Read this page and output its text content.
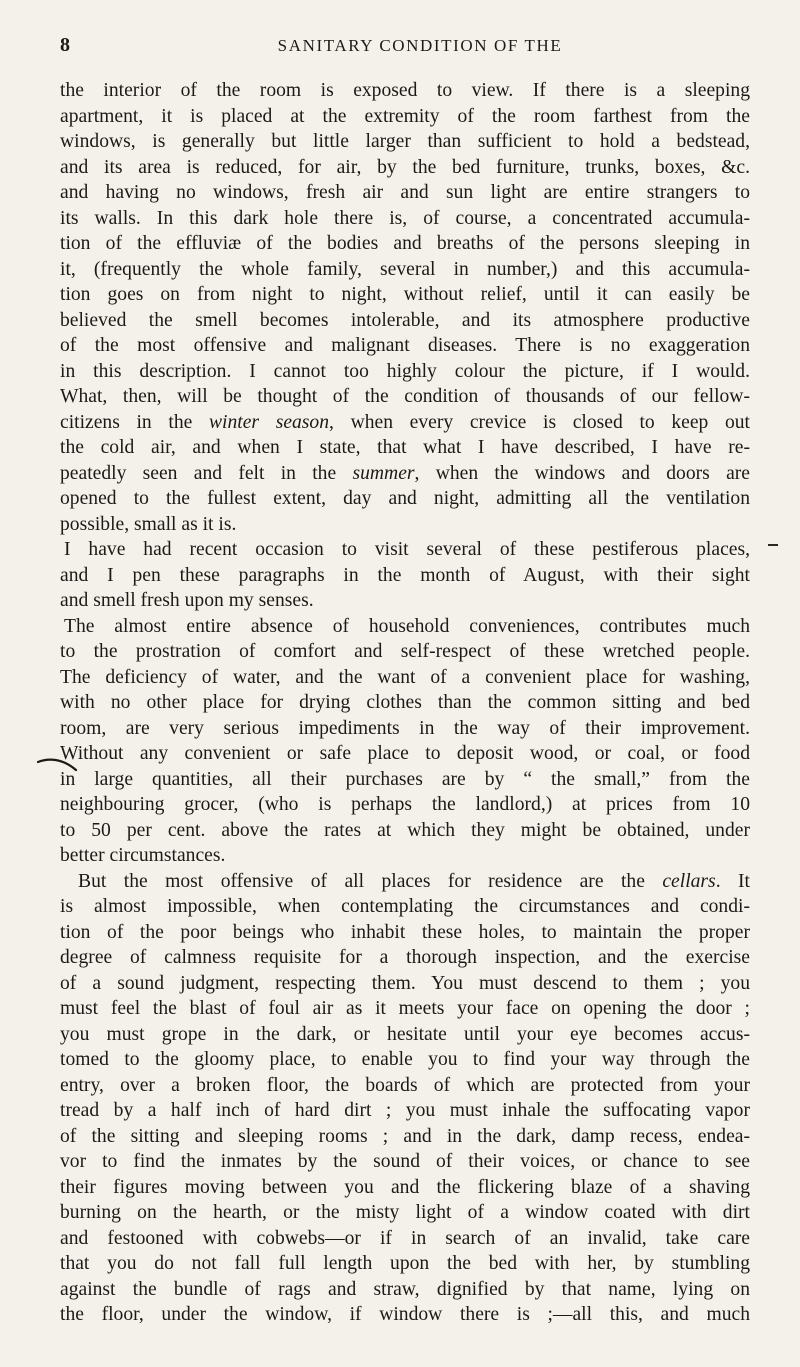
8	SANITARY CONDITION OF THE
the interior of the room is exposed to view. If there is a sleeping
apartment, it is placed at the extremity of the room farthest from the
windows, is generally but little larger than sufficient to hold a bedstead,
and its area is reduced, for air, by the bed furniture, trunks, boxes, &c.
and having no windows, fresh air and sun light are entire strangers to
its walls. In this dark hole there is, of course, a concentrated accumula-
tion of the effluviæ of the bodies and breaths of the persons sleeping in
it, (frequently the whole family, several in number,) and this accumula-
tion goes on from night to night, without relief, until it can easily be
believed the smell becomes intolerable, and its atmosphere productive
of the most offensive and malignant diseases. There is no exaggeration
in this description. I cannot too highly colour the picture, if I would.
What, then, will be thought of the condition of thousands of our fellow-
citizens in the winter season, when every crevice is closed to keep out
the cold air, and when I state, that what I have described, I have re-
peatedly seen and felt in the summer, when the windows and doors are
opened to the fullest extent, day and night, admitting all the ventilation
possible, small as it is.
I have had recent occasion to visit several of these pestiferous places,
and I pen these paragraphs in the month of August, with their sight
and smell fresh upon my senses.
The almost entire absence of household conveniences, contributes much
to the prostration of comfort and self-respect of these wretched people.
The deficiency of water, and the want of a convenient place for washing,
with no other place for drying clothes than the common sitting and bed
room, are very serious impediments in the way of their improvement.
Without any convenient or safe place to deposit wood, or coal, or food
in large quantities, all their purchases are by “ the small,” from the
neighbouring grocer, (who is perhaps the landlord,) at prices from 10
to 50 per cent. above the rates at which they might be obtained, under
better circumstances.
But the most offensive of all places for residence are the cellars. It
is almost impossible, when contemplating the circumstances and condi-
tion of the poor beings who inhabit these holes, to maintain the proper
degree of calmness requisite for a thorough inspection, and the exercise
of a sound judgment, respecting them. You must descend to them ; you
must feel the blast of foul air as it meets your face on opening the door ;
you must grope in the dark, or hesitate until your eye becomes accus-
tomed to the gloomy place, to enable you to find your way through the
entry, over a broken floor, the boards of which are protected from your
tread by a half inch of hard dirt ; you must inhale the suffocating vapor
of the sitting and sleeping rooms ; and in the dark, damp recess, endea-
vor to find the inmates by the sound of their voices, or chance to see
their figures moving between you and the flickering blaze of a shaving
burning on the hearth, or the misty light of a window coated with dirt
and festooned with cobwebs—or if in search of an invalid, take care
that you do not fall full length upon the bed with her, by stumbling
against the bundle of rags and straw, dignified by that name, lying on
the floor, under the window, if window there is ;—all this, and much
